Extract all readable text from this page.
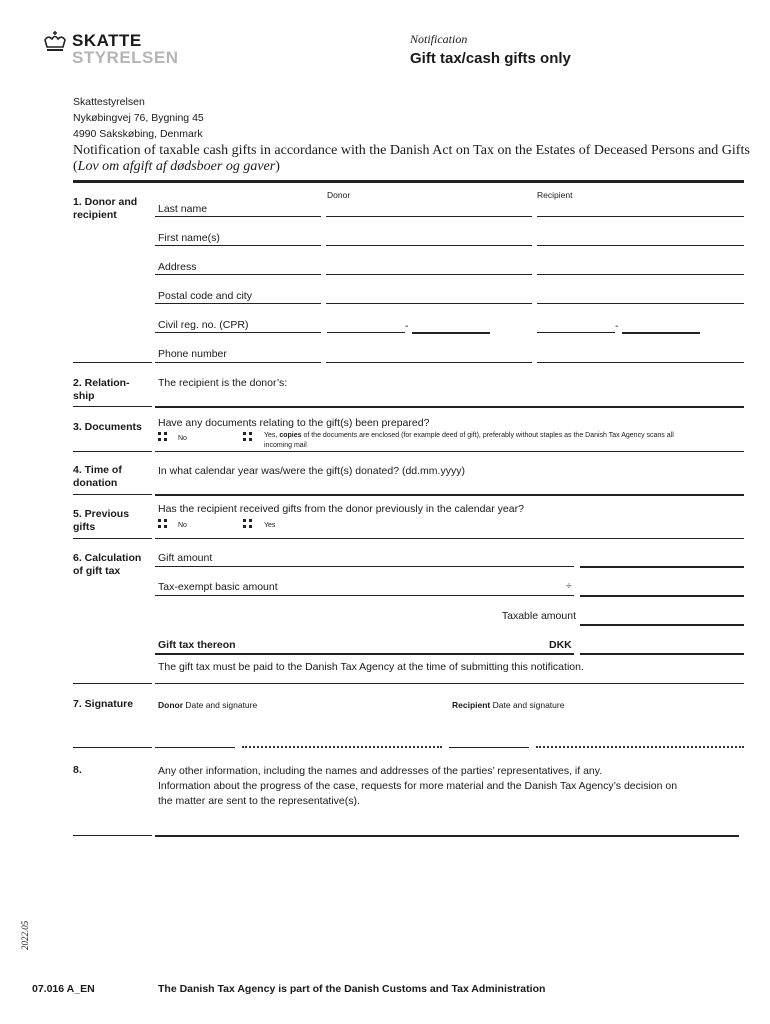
SKATTE
STYRELSEN
Notification
Gift tax/cash gifts only
Skattestyrelsen
Nykøbingvej 76, Bygning 45
4990 Sakskøbing, Denmark
Notification of taxable cash gifts in accordance with the Danish Act on Tax on the Estates of Deceased Persons and Gifts (Lov om afgift af dødsboer og gaver)
1. Donor and
recipient
Donor	Recipient
Last name
First name(s)
Address
Postal code and city
Civil reg. no. (CPR)	-	-
Phone number
2. Relation-
ship
The recipient is the donor’s:
3. Documents Have any documents relating to the gift(s) been prepared?
No	Yes, copies of the documents are enclosed (for example deed of gift), preferably without staples as the Danish Tax Agency scans all
incoming mail
4. Time of
donation
In what calendar year was/were the gift(s) donated? (dd.mm.yyyy)
5. Previous
gifts
Has the recipient received gifts from the donor previously in the calendar year?
No	Yes
6. Calculation
of gift tax
Gift amount
Tax-exempt basic amount	÷
Taxable amount
Gift tax thereon	DKK
The gift tax must be paid to the Danish Tax Agency at the time of submitting this notification.
7. Signature	Donor Date and signature	Recipient Date and signature
8.	Any other information, including the names and addresses of the parties’ representatives, if any.
Information about the progress of the case, requests for more material and the Danish Tax Agency’s decision on
the matter are sent to the representative(s).
2022.05
07.016 A_EN	The Danish Tax Agency is part of the Danish Customs and Tax Administration
